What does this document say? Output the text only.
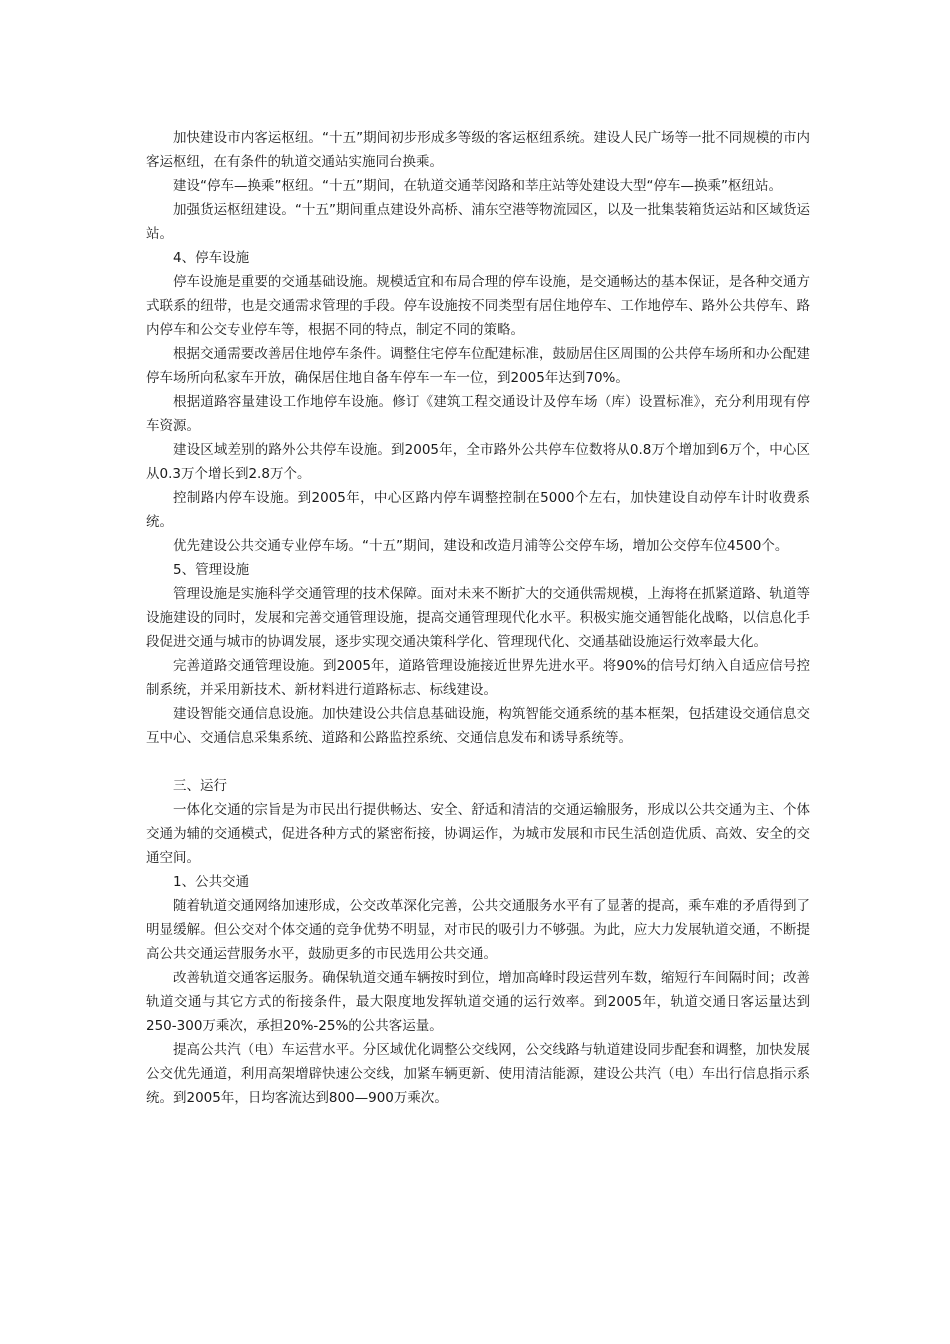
加快建设市内客运枢纽。“十五”期间初步形成多等级的客运枢纽系统。建设人民广场等一批不同规模的市内客运枢纽，在有条件的轨道交通站实施同台换乘。
建设“停车—换乘”枢纽。“十五”期间，在轨道交通莘闵路和莘庄站等处建设大型“停车—换乘”枢纽站。
加强货运枢纽建设。“十五”期间重点建设外高桥、浦东空港等物流园区，以及一批集装箱货运站和区域货运站。
4、停车设施
停车设施是重要的交通基础设施。规模适宜和布局合理的停车设施，是交通畅达的基本保证，是各种交通方式联系的纽带，也是交通需求管理的手段。停车设施按不同类型有居住地停车、工作地停车、路外公共停车、路内停车和公交专业停车等，根据不同的特点，制定不同的策略。
根据交通需要改善居住地停车条件。调整住宅停车位配建标准，鼓励居住区周围的公共停车场所和办公配建停车场所向私家车开放，确保居住地自备车停车一车一位，到2005年达到70%。
根据道路容量建设工作地停车设施。修订《建筑工程交通设计及停车场（库）设置标准》，充分利用现有停车资源。
建设区域差别的路外公共停车设施。到2005年，全市路外公共停车位数将从0.8万个增加到6万个，中心区从0.3万个增长到2.8万个。
控制路内停车设施。到2005年，中心区路内停车调整控制在5000个左右，加快建设自动停车计时收费系统。
优先建设公共交通专业停车场。“十五”期间，建设和改造月浦等公交停车场，增加公交停车位4500个。
5、管理设施
管理设施是实施科学交通管理的技术保障。面对未来不断扩大的交通供需规模，上海将在抓紧道路、轨道等设施建设的同时，发展和完善交通管理设施，提高交通管理现代化水平。积极实施交通智能化战略，以信息化手段促进交通与城市的协调发展，逐步实现交通决策科学化、管理现代化、交通基础设施运行效率最大化。
完善道路交通管理设施。到2005年，道路管理设施接近世界先进水平。将90%的信号灯纳入自适应信号控制系统，并采用新技术、新材料进行道路标志、标线建设。
建设智能交通信息设施。加快建设公共信息基础设施，构筑智能交通系统的基本框架，包括建设交通信息交互中心、交通信息采集系统、道路和公路监控系统、交通信息发布和诱导系统等。
三、运行
一体化交通的宗旨是为市民出行提供畅达、安全、舒适和清洁的交通运输服务，形成以公共交通为主、个体交通为辅的交通模式，促进各种方式的紧密衔接，协调运作，为城市发展和市民生活创造优质、高效、安全的交通空间。
1、公共交通
随着轨道交通网络加速形成，公交改革深化完善，公共交通服务水平有了显著的提高，乘车难的矛盾得到了明显缓解。但公交对个体交通的竞争优势不明显，对市民的吸引力不够强。为此，应大力发展轨道交通，不断提高公共交通运营服务水平，鼓励更多的市民选用公共交通。
改善轨道交通客运服务。确保轨道交通车辆按时到位，增加高峰时段运营列车数，缩短行车间隔时间；改善轨道交通与其它方式的衔接条件，最大限度地发挥轨道交通的运行效率。到2005年，轨道交通日客运量达到250-300万乘次，承担20%-25%的公共客运量。
提高公共汽（电）车运营水平。分区域优化调整公交线网，公交线路与轨道建设同步配套和调整，加快发展公交优先通道，利用高架增辟快速公交线，加紧车辆更新、使用清洁能源，建设公共汽（电）车出行信息指示系统。到2005年，日均客流达到800—900万乘次。
